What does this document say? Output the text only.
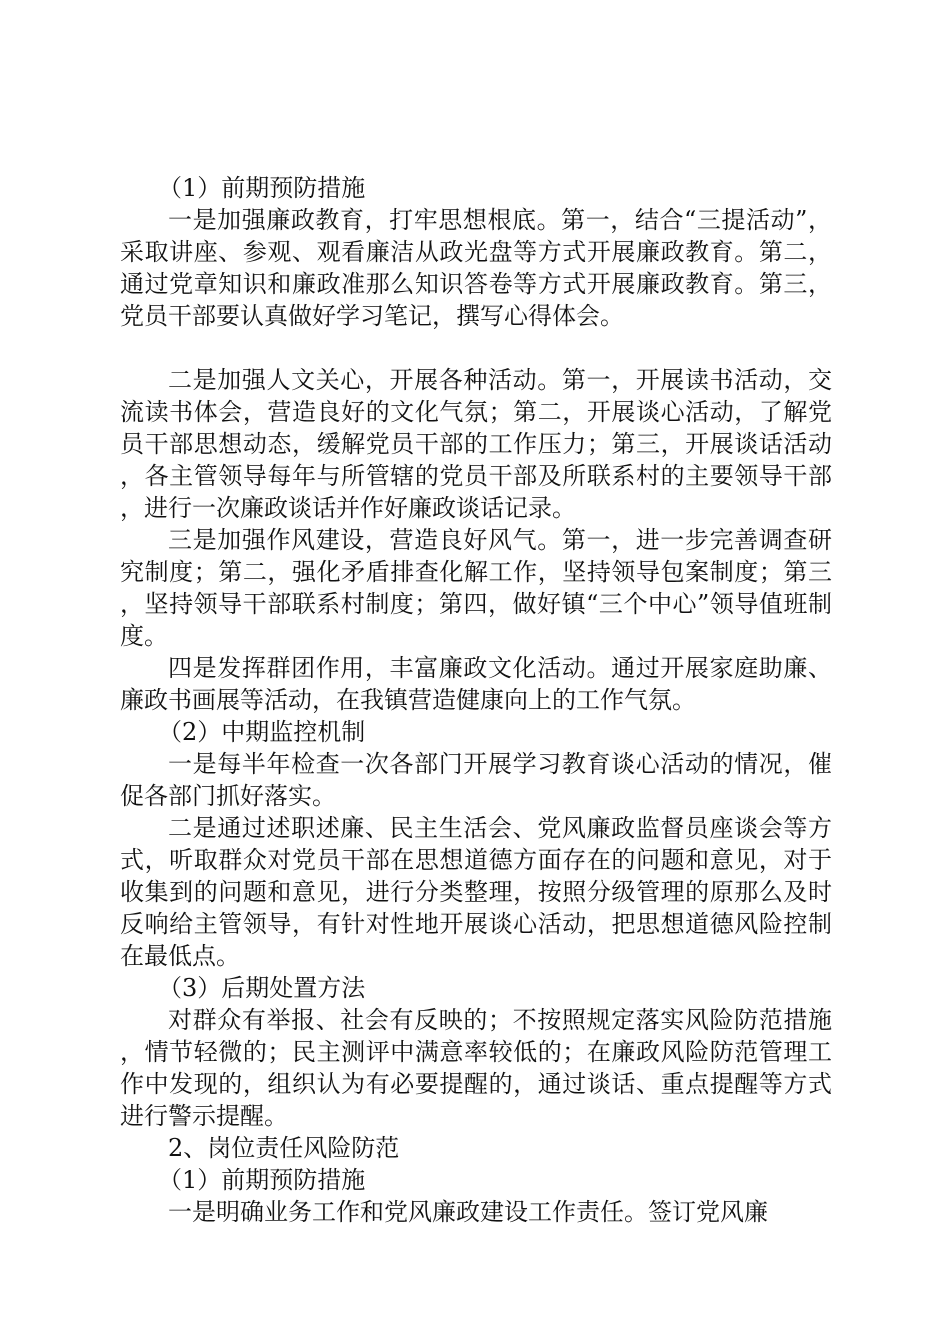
（1）前期预防措施

一是加强廉政教育，打牢思想根底。第一，结合“三提活动”，采取讲座、参观、观看廉洁从政光盘等方式开展廉政教育。第二，通过党章知识和廉政准那么知识答卷等方式开展廉政教育。第三，党员干部要认真做好学习笔记，撰写心得体会。

二是加强人文关心，开展各种活动。第一，开展读书活动，交流读书体会，营造良好的文化气氛；第二，开展谈心活动，了解党员干部思想动态，缓解党员干部的工作压力；第三，开展谈话活动，各主管领导每年与所管辖的党员干部及所联系村的主要领导干部，进行一次廉政谈话并作好廉政谈话记录。

三是加强作风建设，营造良好风气。第一，进一步完善调查研究制度；第二，强化矛盾排查化解工作，坚持领导包案制度；第三，坚持领导干部联系村制度；第四，做好镇“三个中心”领导值班制度。

四是发挥群团作用，丰富廉政文化活动。通过开展家庭助廉、廉政书画展等活动，在我镇营造健康向上的工作气氛。

（2）中期监控机制

一是每半年检查一次各部门开展学习教育谈心活动的情况，催促各部门抓好落实。

二是通过述职述廉、民主生活会、党风廉政监督员座谈会等方式，听取群众对党员干部在思想道德方面存在的问题和意见，对于收集到的问题和意见，进行分类整理，按照分级管理的原那么及时反响给主管领导，有针对性地开展谈心活动，把思想道德风险控制在最低点。

（3）后期处置方法

对群众有举报、社会有反映的；不按照规定落实风险防范措施，情节轻微的；民主测评中满意率较低的；在廉政风险防范管理工作中发现的，组织认为有必要提醒的，通过谈话、重点提醒等方式进行警示提醒。

2、岗位责任风险防范

（1）前期预防措施

一是明确业务工作和党风廉政建设工作责任。签订党风廉
